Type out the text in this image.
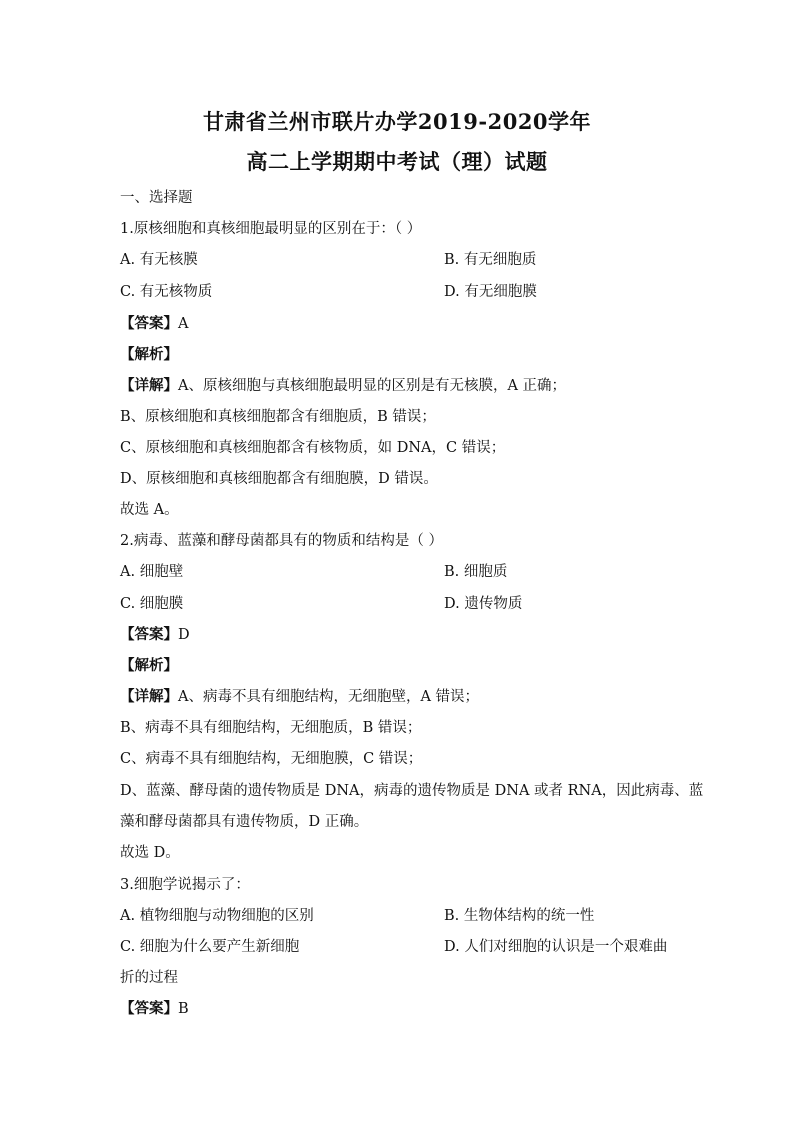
甘肃省兰州市联片办学2019-2020学年
高二上学期期中考试（理）试题
一、选择题
1.原核细胞和真核细胞最明显的区别在于：（ ）
A. 有无核膜	B. 有无细胞质
C. 有无核物质	D. 有无细胞膜
【答案】A
【解析】
【详解】A、原核细胞与真核细胞最明显的区别是有无核膜，A 正确；
B、原核细胞和真核细胞都含有细胞质，B 错误；
C、原核细胞和真核细胞都含有核物质，如 DNA，C 错误；
D、原核细胞和真核细胞都含有细胞膜，D 错误。
故选 A。
2.病毒、蓝藻和酵母菌都具有的物质和结构是（ ）
A. 细胞壁	B. 细胞质
C. 细胞膜	D. 遗传物质
【答案】D
【解析】
【详解】A、病毒不具有细胞结构，无细胞壁，A 错误；
B、病毒不具有细胞结构，无细胞质，B 错误；
C、病毒不具有细胞结构，无细胞膜，C 错误；
D、蓝藻、酵母菌的遗传物质是 DNA，病毒的遗传物质是 DNA 或者 RNA，因此病毒、蓝
藻和酵母菌都具有遗传物质，D 正确。
故选 D。
3.细胞学说揭示了：
A. 植物细胞与动物细胞的区别	B. 生物体结构的统一性
C. 细胞为什么要产生新细胞	D. 人们对细胞的认识是一个艰难曲
折的过程
【答案】B
